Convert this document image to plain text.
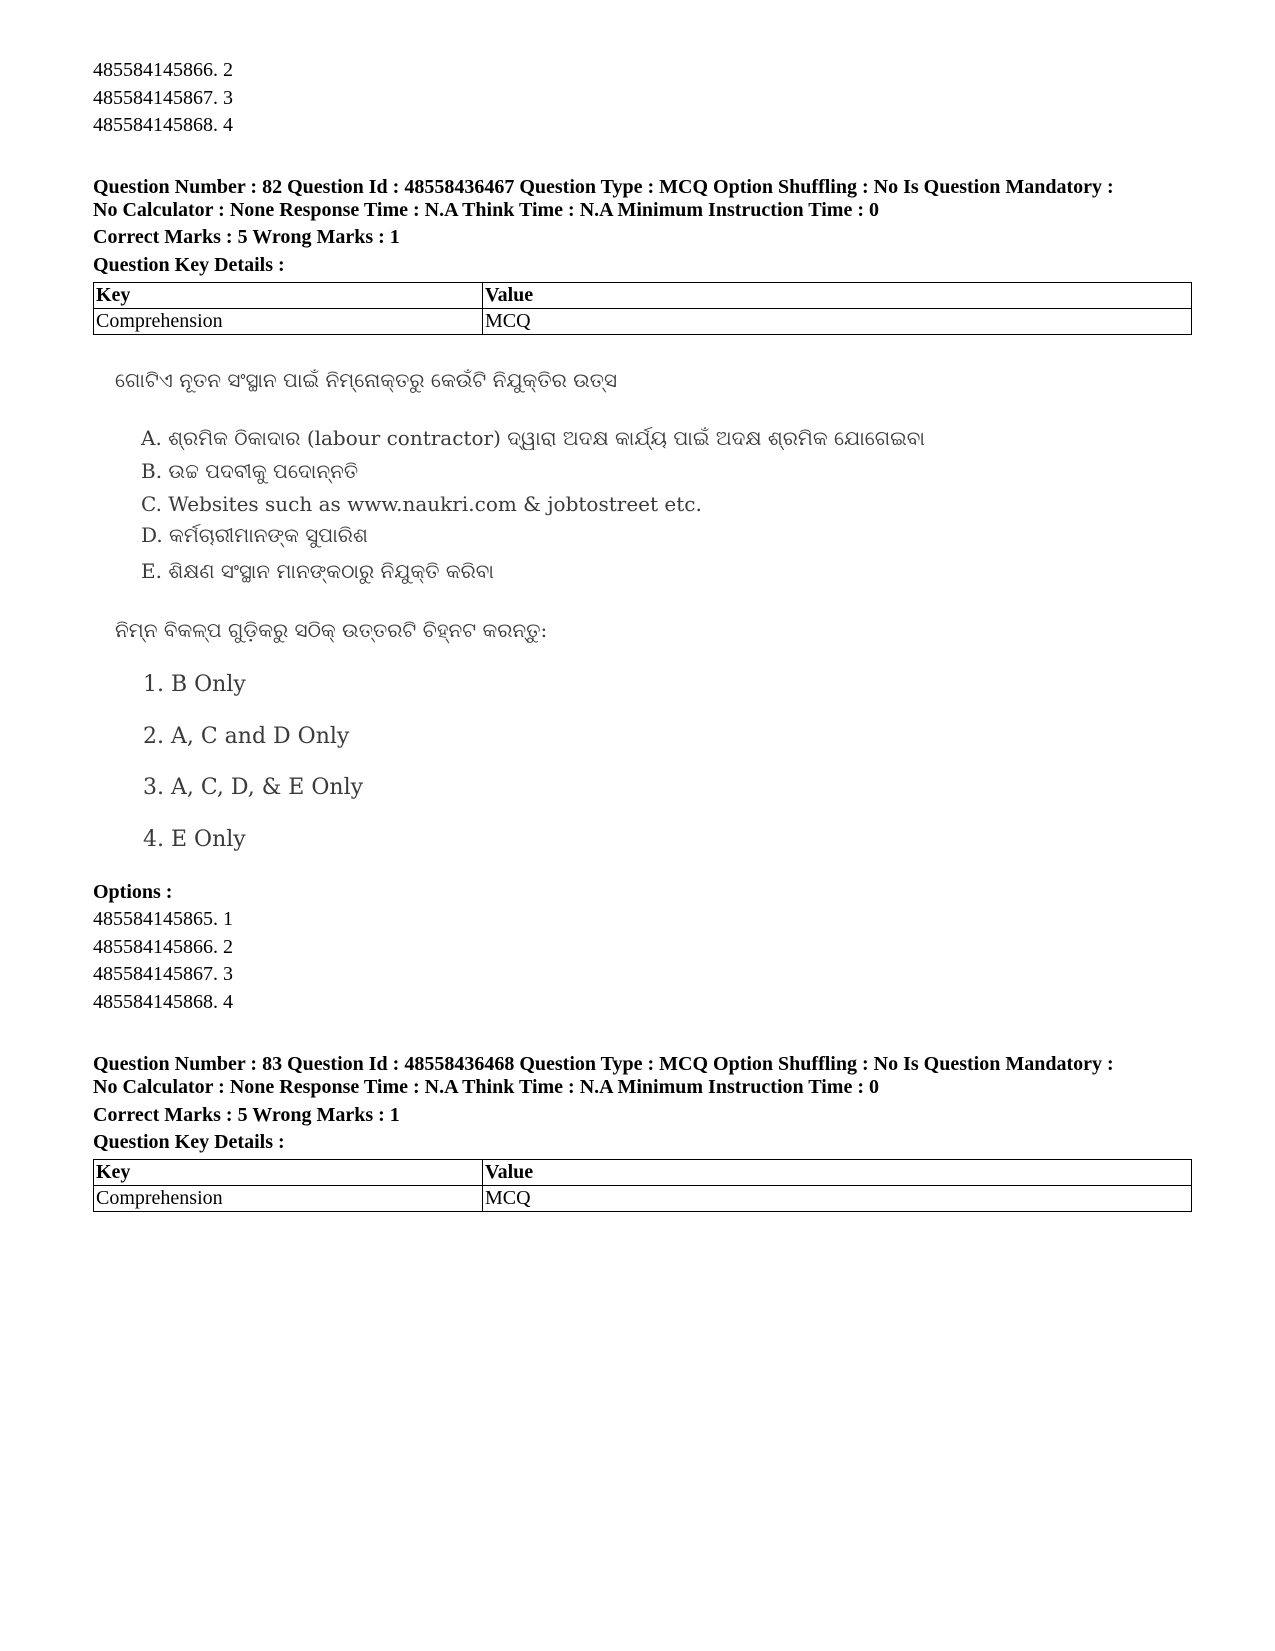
485584145866. 2
485584145867. 3
485584145868. 4
Question Number : 82 Question Id : 48558436467 Question Type : MCQ Option Shuffling : No Is Question Mandatory :
No Calculator : None Response Time : N.A Think Time : N.A Minimum Instruction Time : 0
Correct Marks : 5 Wrong Marks : 1
Question Key Details :
Key	Value
Comprehension	MCQ
ଗୋଟିଏ ନୂତନ ସଂସ୍ଥାନ ପାଇଁ ନିମ୍ନୋକ୍ତରୁ କେଉଁଟି ନିଯୁକ୍ତିର ଉତ୍ସ
A. ଶ୍ରମିକ ଠିକାଦାର (labour contractor) ଦ୍ୱାରା ଅଦକ୍ଷ କାର୍ଯ୍ୟ ପାଇଁ ଅଦକ୍ଷ ଶ୍ରମିକ ଯୋଗେଇବା
B. ଉଚ୍ଚ ପଦବୀକୁ ପଦୋନ୍ନତି
C. Websites such as www.naukri.com & jobtostreet etc.
D. କର୍ମଚାରୀମାନଙ୍କ ସୁପାରିଶ
E. ଶିକ୍ଷଣ ସଂସ୍ଥାନ ମାନଙ୍କଠାରୁ ନିଯୁକ୍ତି କରିବା
ନିମ୍ନ ବିକଳ୍ପ ଗୁଡ଼ିକରୁ ସଠିକ୍ ଉତ୍ତରଟି ଚିହ୍ନଟ କରନ୍ତୁ:
1. B Only
2. A, C and D Only
3. A, C, D, & E Only
4. E Only
Options :
485584145865. 1
485584145866. 2
485584145867. 3
485584145868. 4
Question Number : 83 Question Id : 48558436468 Question Type : MCQ Option Shuffling : No Is Question Mandatory :
No Calculator : None Response Time : N.A Think Time : N.A Minimum Instruction Time : 0
Correct Marks : 5 Wrong Marks : 1
Question Key Details :
Key	Value
Comprehension	MCQ
